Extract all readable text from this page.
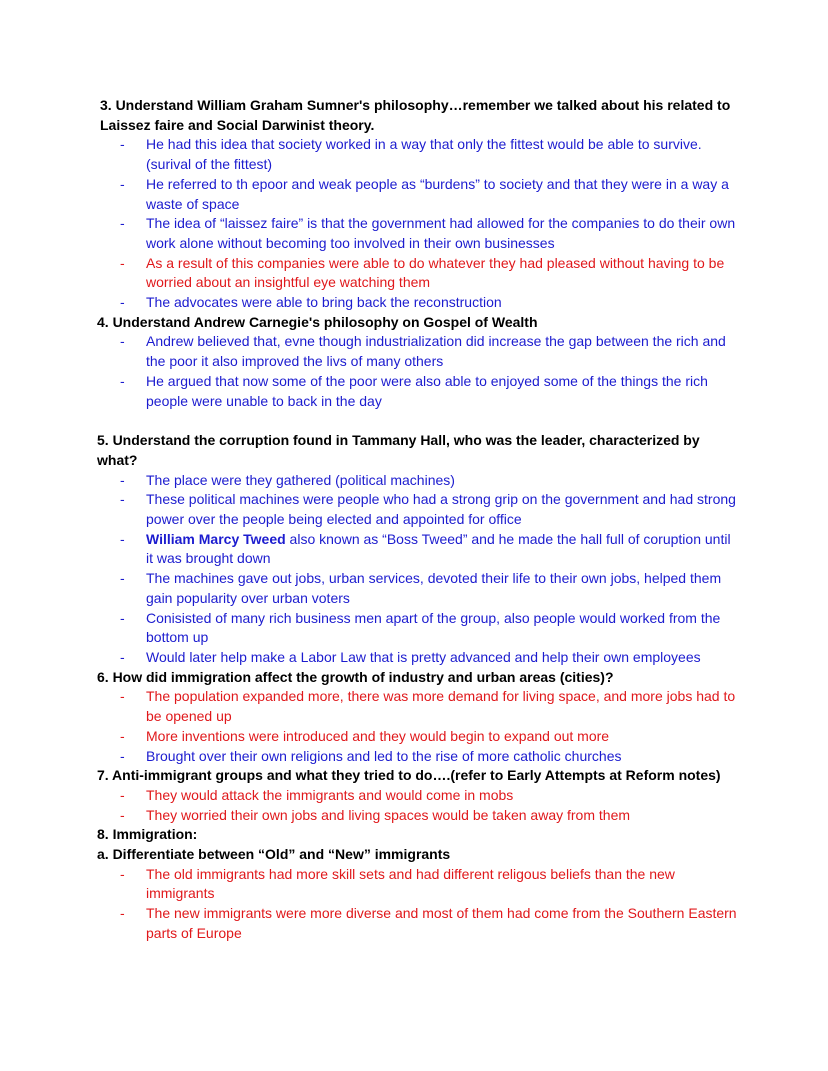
3. Understand William Graham Sumner's philosophy…remember we talked about his related to Laissez faire and Social Darwinist theory.

- He had this idea that society worked in a way that only the fittest would be able to survive. (surival of the fittest)
- He referred to th epoor and weak people as “burdens” to society and that they were in a way a waste of space
- The idea of “laissez faire” is that the government had allowed for the companies to do their own work alone without becoming too involved in their own businesses
- As a result of this companies were able to do whatever they had pleased without having to be worried about an insightful eye watching them
- The advocates were able to bring back the reconstruction

4. Understand Andrew Carnegie's philosophy on Gospel of Wealth

- Andrew believed that, evne though industrialization did increase the gap between the rich and the poor it also improved the livs of many others
- He argued that now some of the poor were also able to enjoyed some of the things the rich people were unable to back in the day

5. Understand the corruption found in Tammany Hall, who was the leader, characterized by what?

- The place were they gathered (political machines)
- These political machines were people who had a strong grip on the government and had strong power over the people being elected and appointed for office
- William Marcy Tweed also known as “Boss Tweed” and he made the hall full of coruption until it was brought down
- The machines gave out jobs, urban services, devoted their life to their own jobs, helped them gain popularity over urban voters
- Conisisted of many rich business men apart of the group, also people would worked from the bottom up
- Would later help make a Labor Law that is pretty advanced and help their own employees

6. How did immigration affect the growth of industry and urban areas (cities)?

- The population expanded more, there was more demand for living space, and more jobs had to be opened up
- More inventions were introduced and they would begin to expand out more
- Brought over their own religions and led to the rise of more catholic churches

7. Anti-immigrant groups and what they tried to do….(refer to Early Attempts at Reform notes)

- They would attack the immigrants and would come in mobs
- They worried their own jobs and living spaces would be taken away from them

8. Immigration:

a. Differentiate between “Old” and “New” immigrants

- The old immigrants had more skill sets and had different religous beliefs than the new immigrants
- The new immigrants were more diverse and most of them had come from the Southern Eastern parts of Europe
